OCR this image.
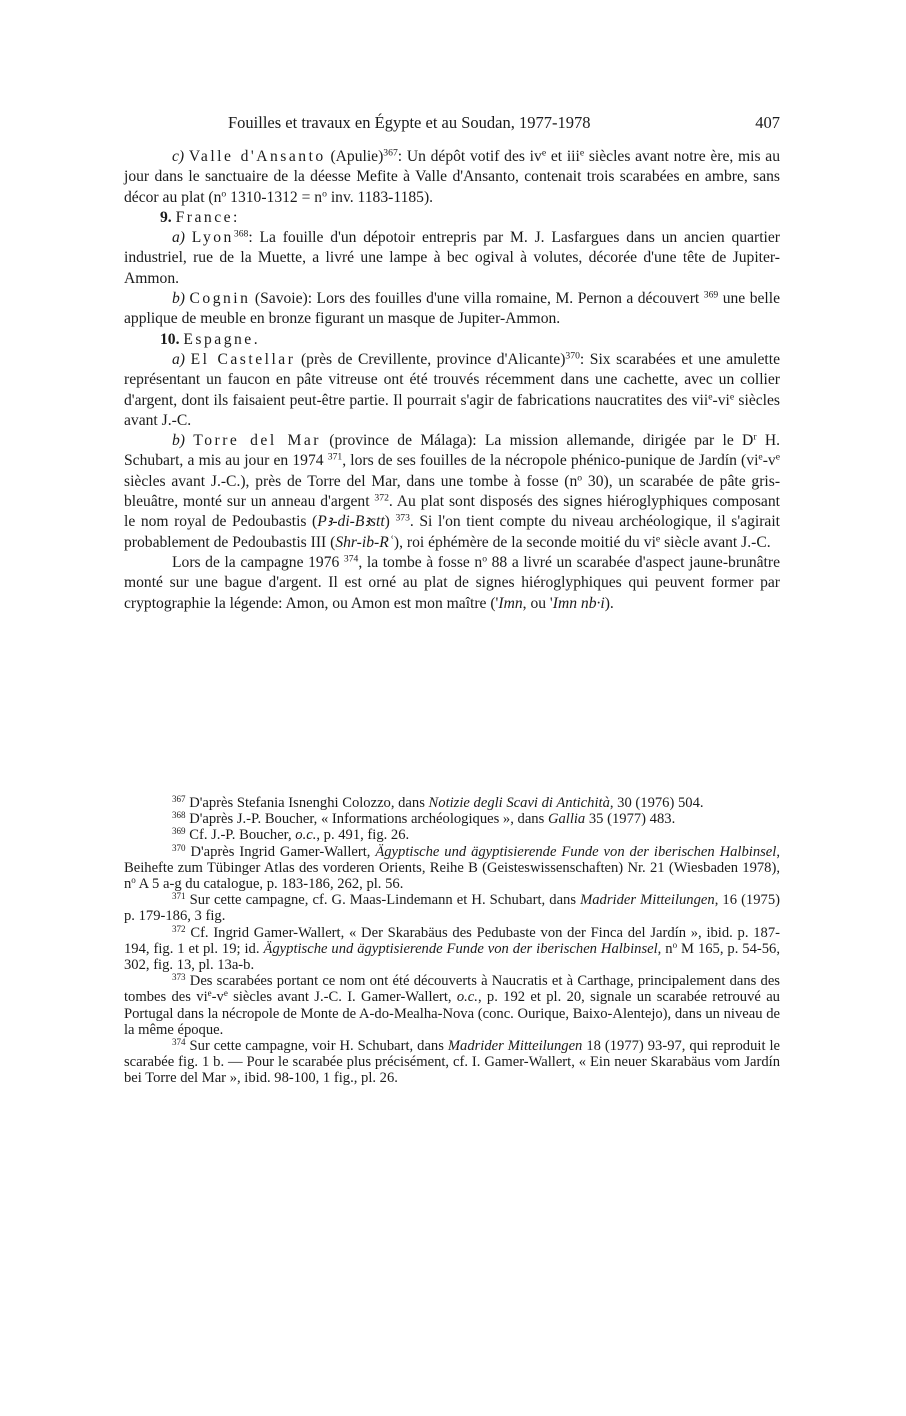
Fouilles et travaux en Égypte et au Soudan, 1977-1978	407

c) Valle d'Ansanto (Apulie)$^{367}$: Un dépôt votif des $iv^e$ et iii$^e$ siècles avant notre ère, mis au jour dans le sanctuaire de la déesse Mefite à Valle d'Ansanto, contenait trois scarabées en ambre, sans décor au plat ($n^o$ $1310-1312 = n^o$ inv. 1183-1185).

9. France:

a) Lyon$^{368}$: La fouille d'un dépotoir entrepris par M. J. Lasfargues dans un ancien quartier industriel, rue de la Muette, a livré une lampe à bec ogival à volutes, décorée d'une tête de Jupiter-Ammon.

b) Cognin (Savoie): Lors des fouilles d'une villa romaine, M. Pernon a découvert $^{369}$ une belle applique de meuble en bronze figurant un masque de Jupiter-Ammon.

10. Espagne.

a) El Castellar (près de Crevillente, province d'Alicante)$^{370}$: Six scarabées et une amulette représentant un faucon en pâte vitreuse ont été trouvés récemment dans une cachette, avec un collier d'argent, dont ils faisaient peut-être partie. Il pourrait s'agir de fabrications naucratites des $vii^e-vi^e$ siècles avant J.-C.

b) Torre del Mar (province de Málaga): La mission allemande, dirigée par le $D^r$ H. Schubart, a mis au jour en 1974 $^{371}$, lors de ses fouilles de la nécropole phénico-punique de Jardín ($vi^e-v^e$ siècles avant J.-C.), près de Torre del Mar, dans une tombe à fosse ($n^o$ 30), un scarabée de pâte gris-bleuâtre, monté sur un anneau d'argent $^{372}$. Au plat sont disposés des signes hiéroglyphiques composant le nom royal de Pedoubastis (Pꜣ-di-Bꜣstt) $^{373}$. Si l'on tient compte du niveau archéologique, il s'agirait probablement de Pedoubastis III (Shr-ib-Rʿ), roi éphémère de la seconde moitié du $vi^e$ siècle avant J.-C.

Lors de la campagne 1976 $^{374}$, la tombe à fosse $n^o$ 88 a livré un scarabée d'aspect jaune-brunâtre monté sur une bague d'argent. Il est orné au plat de signes hiéroglyphiques qui peuvent former par cryptographie la légende: Amon, ou Amon est mon maître ('Imn, ou 'Imn nb·i).

$^{367}$ D'après Stefania Isnenghi Colozzo, dans Notizie degli Scavi di Antichità, 30 (1976) 504.

$^{368}$ D'après J.-P. Boucher, « Informations archéologiques », dans Gallia 35 (1977) 483.

$^{369}$ Cf. J.-P. Boucher, o.c., p. 491, fig. 26.

$^{370}$ D'après Ingrid Gamer-Wallert, Ägyptische und ägyptisierende Funde von der iberischen Halbinsel, Beihefte zum Tübinger Atlas des vorderen Orients, Reihe B (Geisteswissenschaften) Nr. 21 (Wiesbaden 1978), $n^o$ A 5 a-g du catalogue, p. 183-186, 262, pl. 56.

$^{371}$ Sur cette campagne, cf. G. Maas-Lindemann et H. Schubart, dans Madrider Mitteilungen, 16 (1975) p. 179-186, 3 fig.

$^{372}$ Cf. Ingrid Gamer-Wallert, « Der Skarabäus des Pedubaste von der Finca del Jardín », ibid. p. 187-194, fig. 1 et pl. 19; id. Ägyptische und ägyptisierende Funde von der iberischen Halbinsel, $n^o$ M 165, p. 54-56, 302, fig. 13, pl. 13a-b.

$^{373}$ Des scarabées portant ce nom ont été découverts à Naucratis et à Carthage, principalement dans des tombes des $vi^e-v^e$ siècles avant J.-C. I. Gamer-Wallert, o.c., p. 192 et pl. 20, signale un scarabée retrouvé au Portugal dans la nécropole de Monte de A-do-Mealha-Nova (conc. Ourique, Baixo-Alentejo), dans un niveau de la même époque.

$^{374}$ Sur cette campagne, voir H. Schubart, dans Madrider Mitteilungen 18 (1977) 93-97, qui reproduit le scarabée fig. 1 b. — Pour le scarabée plus précisément, cf. I. Gamer-Wallert, « Ein neuer Skarabäus vom Jardín bei Torre del Mar », ibid. 98-100, 1 fig., pl. 26.
